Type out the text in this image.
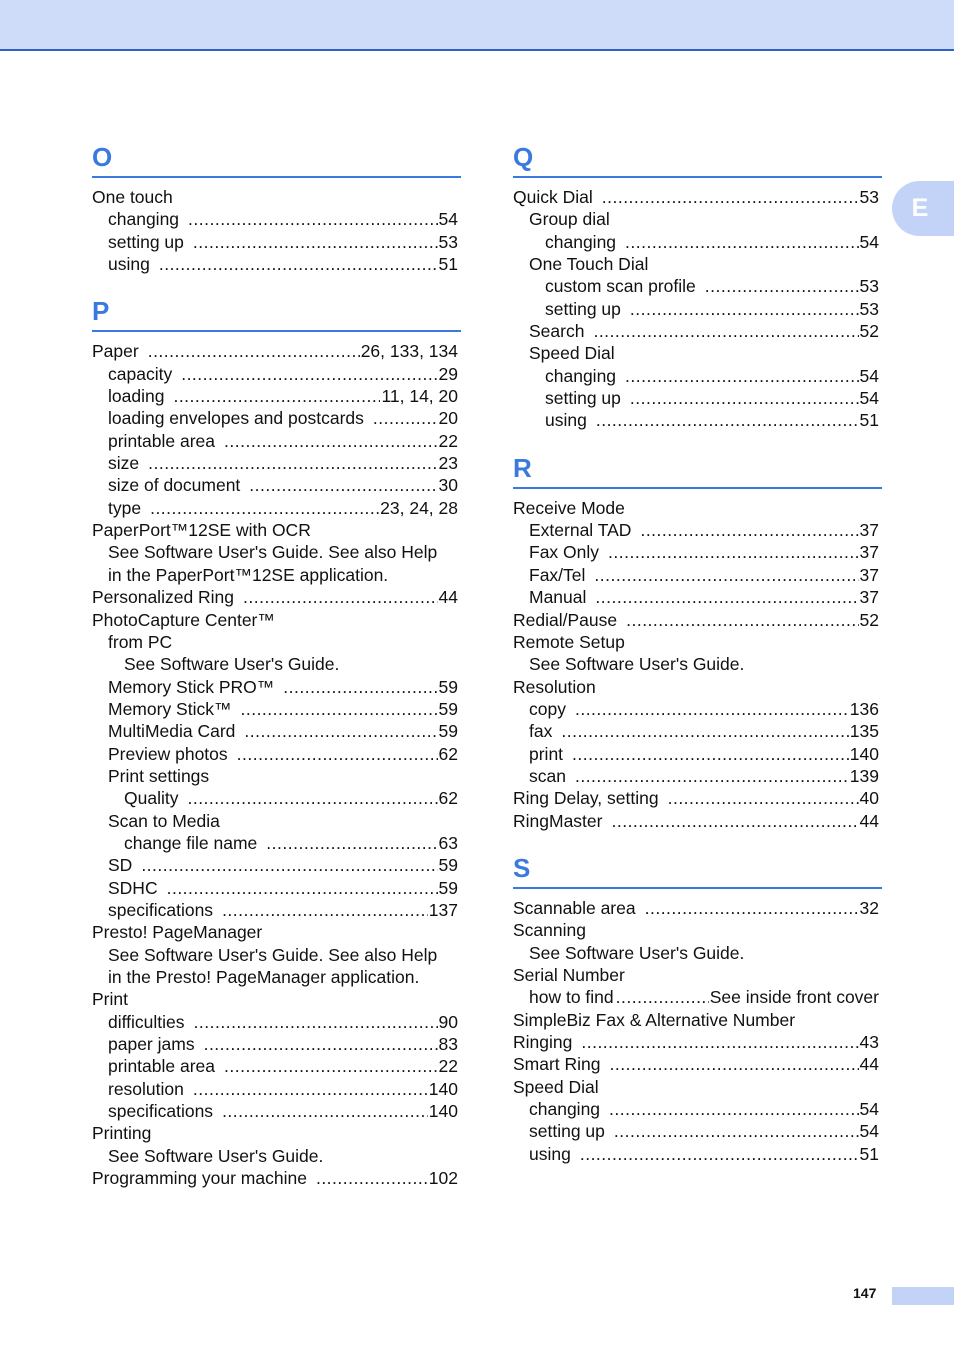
E
O
One touch
changing .....	54
setting up .....	53
using .....	51
P
Paper .....	26, 133, 134
capacity .....	29
loading .....	11, 14, 20
loading envelopes and postcards .....	20
printable area .....	22
size .....	23
size of document .....	30
type .....	23, 24, 28
PaperPort™12SE with OCR
See Software User's Guide. See also Help
in the PaperPort™12SE application.
Personalized Ring .....	44
PhotoCapture Center™
from PC
See Software User's Guide.
Memory Stick PRO™ .....	59
Memory Stick™ .....	59
MultiMedia Card .....	59
Preview photos .....	62
Print settings
Quality .....	62
Scan to Media
change file name .....	63
SD .....	59
SDHC .....	59
specifications .....	137
Presto! PageManager
See Software User's Guide. See also Help
in the Presto! PageManager application.
Print
difficulties .....	90
paper jams .....	83
printable area .....	22
resolution .....	140
specifications .....	140
Printing
See Software User's Guide.
Programming your machine .....	102
Q
Quick Dial .....	53
Group dial
changing .....	54
One Touch Dial
custom scan profile .....	53
setting up .....	53
Search .....	52
Speed Dial
changing .....	54
setting up .....	54
using .....	51
R
Receive Mode
External TAD .....	37
Fax Only .....	37
Fax/Tel .....	37
Manual .....	37
Redial/Pause .....	52
Remote Setup
See Software User's Guide.
Resolution
copy .....	136
fax .....	135
print .....	140
scan .....	139
Ring Delay, setting .....	40
RingMaster .....	44
S
Scannable area .....	32
Scanning
See Software User's Guide.
Serial Number
how to find .....	See inside front cover
SimpleBiz Fax & Alternative Number
Ringing .....	43
Smart Ring .....	44
Speed Dial
changing .....	54
setting up .....	54
using .....	51
147
